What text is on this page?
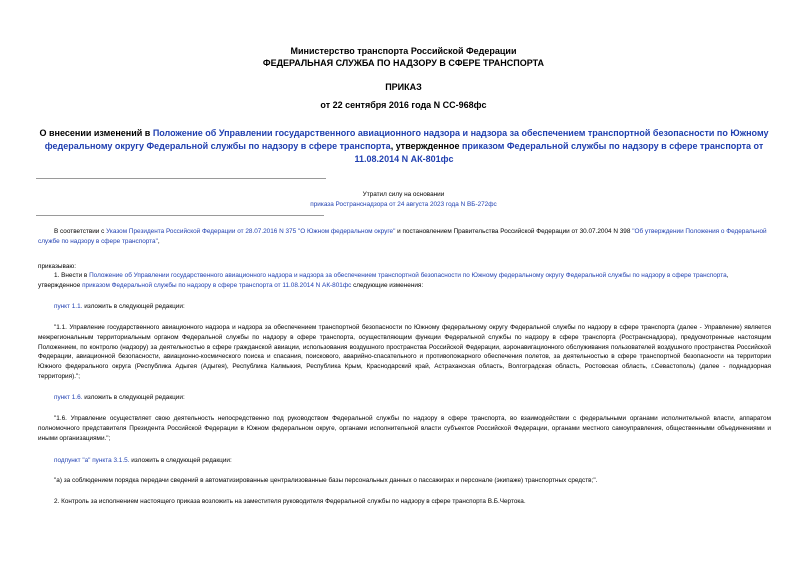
Министерство транспорта Российской Федерации
ФЕДЕРАЛЬНАЯ СЛУЖБА ПО НАДЗОРУ В СФЕРЕ ТРАНСПОРТА
ПРИКАЗ
от 22 сентября 2016 года N СС-968фс
О внесении изменений в Положение об Управлении государственного авиационного надзора и надзора за обеспечением транспортной безопасности по Южному федеральному округу Федеральной службы по надзору в сфере транспорта, утвержденное приказом Федеральной службы по надзору в сфере транспорта от 11.08.2014 N АК-801фс
Утратил силу на основании
приказа Ространснадзора от 24 августа 2023 года N ВБ-272фс

В соответствии с Указом Президента Российской Федерации от 28.07.2016 N 375 "О Южном федеральном округе" и постановлением Правительства Российской Федерации от 30.07.2004 N 398 "Об утверждении Положения о Федеральной службе по надзору в сфере транспорта",

приказываю:

1. Внести в Положение об Управлении государственного авиационного надзора и надзора за обеспечением транспортной безопасности по Южному федеральному округу Федеральной службы по надзору в сфере транспорта, утвержденное приказом Федеральной службы по надзору в сфере транспорта от 11.08.2014 N АК-801фс следующие изменения:

пункт 1.1. изложить в следующей редакции:

"1.1. Управление государственного авиационного надзора и надзора за обеспечением транспортной безопасности по Южному федеральному округу Федеральной службы по надзору в сфере транспорта (далее - Управление) является межрегиональным территориальным органом Федеральной службы по надзору в сфере транспорта, осуществляющим функции Федеральной службы по надзору в сфере транспорта (Ространснадзора), предусмотренные настоящим Положением, по контролю (надзору) за деятельностью в сфере гражданской авиации, использования воздушного пространства Российской Федерации, аэронавигационного обслуживания пользователей воздушного пространства Российской Федерации, авиационной безопасности, авиационно-космического поиска и спасания, поискового, аварийно-спасательного и противопожарного обеспечения полетов, за деятельностью в сфере транспортной безопасности на территории Южного федерального округа (Республика Адыгея (Адыгея), Республика Калмыкия, Республика Крым, Краснодарский край, Астраханская область, Волгоградская область, Ростовская область, г.Севастополь) (далее - поднадзорная территория).";

пункт 1.6. изложить в следующей редакции:

"1.6. Управление осуществляет свою деятельность непосредственно под руководством Федеральной службы по надзору в сфере транспорта, во взаимодействии с федеральными органами исполнительной власти, аппаратом полномочного представителя Президента Российской Федерации в Южном федеральном округе, органами исполнительной власти субъектов Российской Федерации, органами местного самоуправления, общественными объединениями и иными организациями.";

подпункт "а" пункта 3.1.5. изложить в следующей редакции:

"а) за соблюдением порядка передачи сведений в автоматизированные централизованные базы персональных данных о пассажирах и персонале (экипаже) транспортных средств;".

2. Контроль за исполнением настоящего приказа возложить на заместителя руководителя Федеральной службы по надзору в сфере транспорта В.Б.Чертока.
